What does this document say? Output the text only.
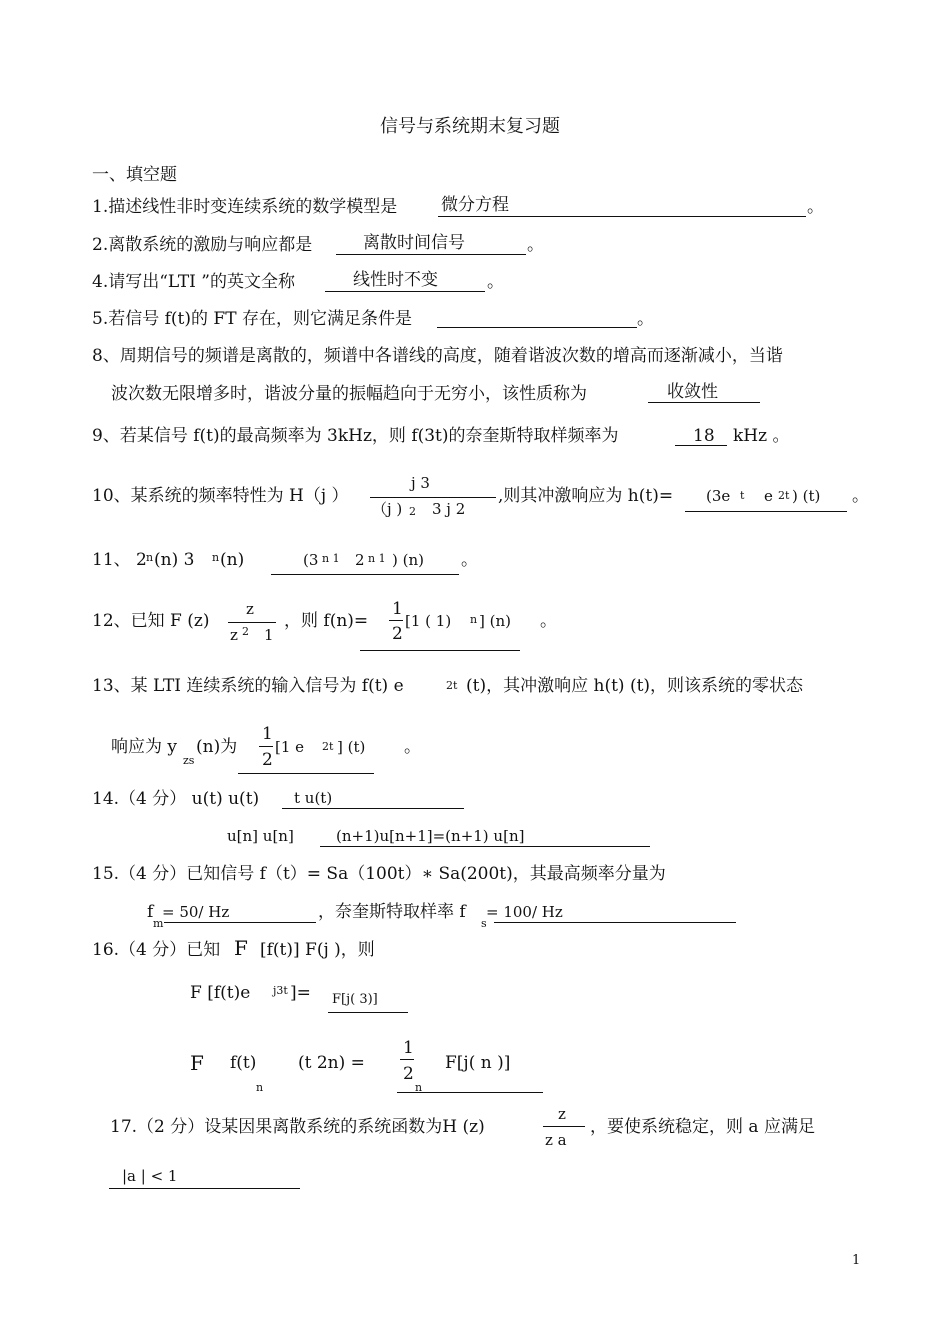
信号与系统期末复习题
一、填空题
1.描述线性非时变连续系统的数学模型是	微分方程	。
2.离散系统的激励与响应都是	离散时间信号	。
4.请写出“LTI ”的英文全称	线性时不变	。
5.若信号 f(t)的 FT 存在，则它满足条件是	。
8、周期信号的频谱是离散的，频谱中各谱线的高度，随着谐波次数的增高而逐渐减小，当谐
波次数无限增多时，谐波分量的振幅趋向于无穷小，该性质称为	收敛性
9、若某信号 f(t)的最高频率为 3kHz，则 f(3t)的奈奎斯特取样频率为	18 kHz 。
10、某系统的频率特性为 H（j ）
j 3
（j ) 2 3 j 2
,则其冲激响应为 h(t)= (3e t e 2t ) (t) 。
11、 2 n (n) 3 n (n)	(3 n 1 2 n 1 ) (n) 。
12、已知 F (z)
z
z 2 1
，则 f(n)=
1
2
[1 ( 1) n ] (n) 。
13、某 LTI 连续系统的输入信号为 f(t) e	2t (t)，其冲激响应 h(t) (t)，则该系统的零状态
响应为 y
zs
(n)为
1
2
[1 e 2t ] (t) 。
14.（4 分） u(t) u(t) t u(t)
u[n] u[n]	(n+1)u[n+1]=(n+1) u[n]
15.（4 分）已知信号 f（t）= Sa（100t）∗ Sa(200t)，其最高频率分量为
f
m
= 50/ Hz	，奈奎斯特取样率 f
s
= 100/ Hz
16.（4 分）已知 F [f(t)] F(j )，则
F [f(t)e j3t ]= F[j( 3)]
F f(t)
n
(t 2n) =
1
2
F[j( n )]
n
17.（2 分）设某因果离散系统的系统函数为H (z)
z
z a
，要使系统稳定，则 a 应满足
|a | < 1
1
